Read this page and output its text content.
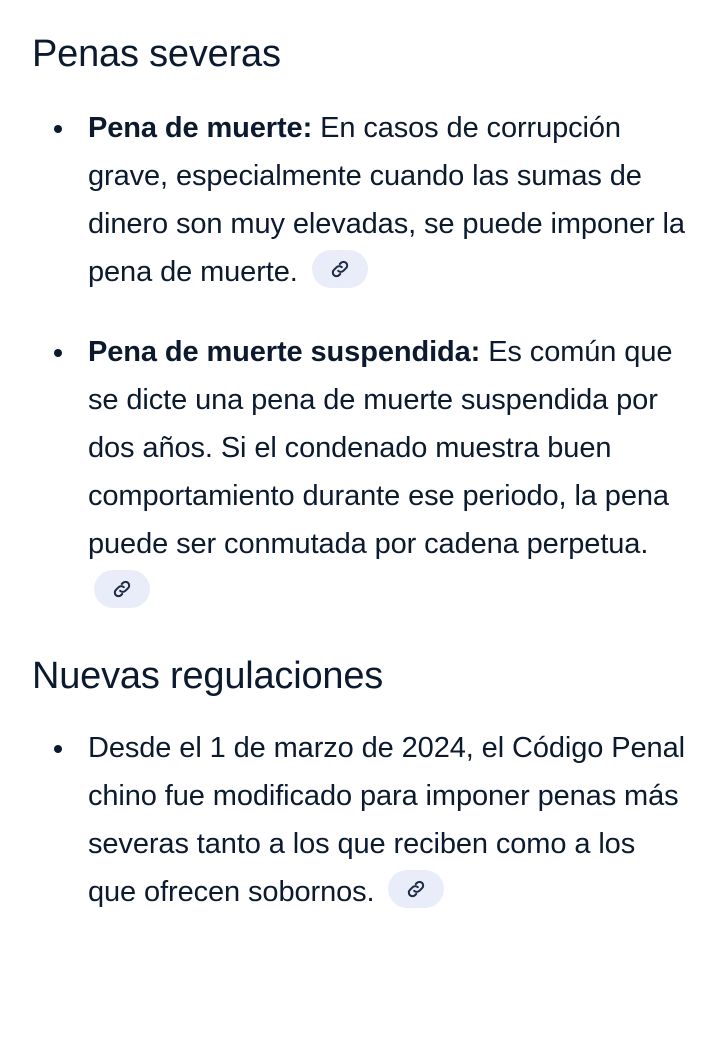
Penas severas
Pena de muerte: En casos de corrupción grave, especialmente cuando las sumas de dinero son muy elevadas, se puede imponer la pena de muerte.
Pena de muerte suspendida: Es común que se dicte una pena de muerte suspendida por dos años. Si el condenado muestra buen comportamiento durante ese periodo, la pena puede ser conmutada por cadena perpetua.
Nuevas regulaciones
Desde el 1 de marzo de 2024, el Código Penal chino fue modificado para imponer penas más severas tanto a los que reciben como a los que ofrecen sobornos.
